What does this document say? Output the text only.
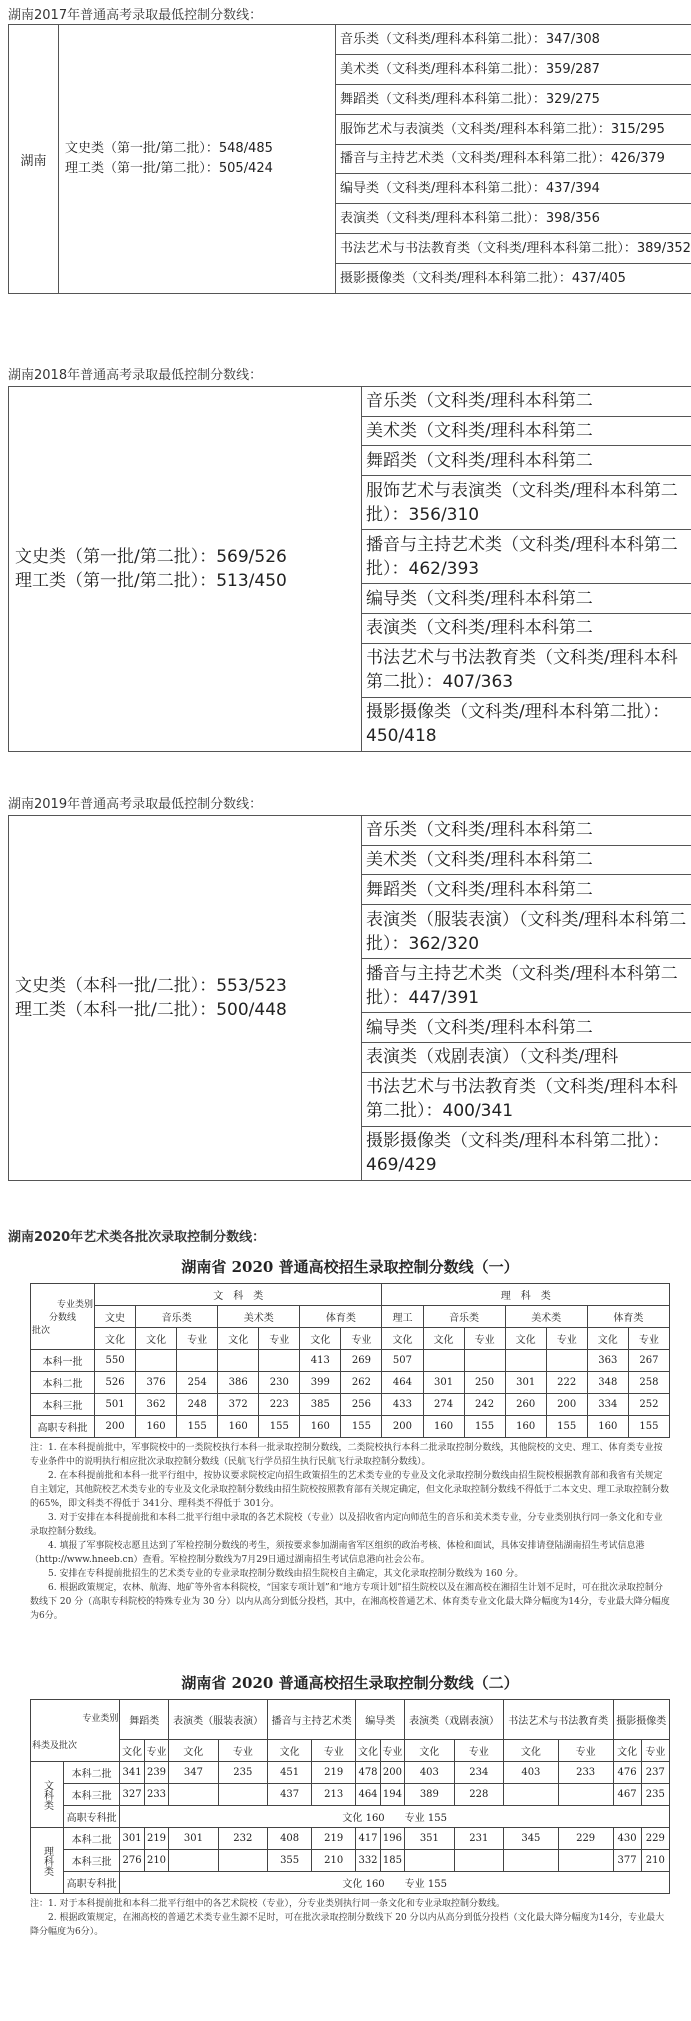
湖南2017年普通高考录取最低控制分数线：
湖南	
文史类（第一批/第二批）：548/485
理工类（第一批/第二批）：505/424
	音乐类（文科类/理科本科第二批）：347/308
美术类（文科类/理科本科第二批）：359/287
舞蹈类（文科类/理科本科第二批）：329/275
服饰艺术与表演类（文科类/理科本科第二批）：315/295
播音与主持艺术类（文科类/理科本科第二批）：426/379
编导类（文科类/理科本科第二批）：437/394
表演类（文科类/理科本科第二批）：398/356
书法艺术与书法教育类（文科类/理科本科第二批）：389/352
摄影摄像类（文科类/理科本科第二批）：437/405
湖南2018年普通高考录取最低控制分数线：
文史类（第一批/第二批）：569/526
理工类（第一批/第二批）：513/450
	音乐类（文科类/理科本科第二
美术类（文科类/理科本科第二
舞蹈类（文科类/理科本科第二
服饰艺术与表演类（文科类/理科本科第二批）：356/310
播音与主持艺术类（文科类/理科本科第二批）：462/393
编导类（文科类/理科本科第二
表演类（文科类/理科本科第二
书法艺术与书法教育类（文科类/理科本科第二批）：407/363
摄影摄像类（文科类/理科本科第二批）：450/418
湖南2019年普通高考录取最低控制分数线：
文史类（本科一批/二批）：553/523
理工类（本科一批/二批）：500/448
	音乐类（文科类/理科本科第二
美术类（文科类/理科本科第二
舞蹈类（文科类/理科本科第二
表演类（服装表演）（文科类/理科本科第二批）：362/320
播音与主持艺术类（文科类/理科本科第二批）：447/391
编导类（文科类/理科本科第二
表演类（戏剧表演）（文科类/理科
书法艺术与书法教育类（文科类/理科本科第二批）：400/341
摄影摄像类（文科类/理科本科第二批）：469/429
湖南2020年艺术类各批次录取控制分数线：
湖南省 2020 普通高校招生录取控制分数线（一）
专业类别
分数线
批次	文　科　类							理　科　类						
	文史	音乐类		美术类		体育类		理工	音乐类		美术类		体育类	
	文化	文化	专业	文化	专业	文化	专业	文化	文化	专业	文化	专业	文化	专业
本科一批	550					413	269	507					363	267
本科二批	526	376	254	386	230	399	262	464	301	250	301	222	348	258
本科三批	501	362	248	372	223	385	256	433	274	242	260	200	334	252
高职专科批	200	160	155	160	155	160	155	200	160	155	160	155	160	155

注：1. 在本科提前批中，军事院校中的一类院校执行本科一批录取控制分数线，二类院校执行本科二批录取控制分数线，其他院校的文史、理工、体育类专业按专业条件中的说明执行相应批次录取控制分数线（民航飞行学员招生执行民航飞行录取控制分数线）。

2. 在本科提前批和本科一批平行组中，按协议要求院校定向招生政策招生的艺术类专业的专业及文化录取控制分数线由招生院校根据教育部和我省有关规定自主划定，其他院校艺术类专业的专业及文化录取控制分数线由招生院校按照教育部有关规定确定，但文化录取控制分数线不得低于二本文史、理工录取控制分数的65%，即文科类不得低于 341分、理科类不得低于 301分。

3. 对于安排在本科提前批和本科二批平行组中录取的各艺术院校（专业）以及招收省内定向师范生的音乐和美术类专业，分专业类别执行同一条文化和专业录取控制分数线。

4. 填报了军事院校志愿且达到了军检控制分数线的考生，须按要求参加湖南省军区组织的政治考核、体检和面试，具体安排请登陆湖南招生考试信息港（http://www.hneeb.cn）查看。军检控制分数线为7月29日通过湖南招生考试信息港向社会公布。

5. 安排在专科提前批招生的艺术类专业的专业录取控制分数线由招生院校自主确定，其文化录取控制分数线为 160 分。

6. 根据政策规定，农林、航海、地矿等外省本科院校，“国家专项计划”和“地方专项计划”招生院校以及在湘高校在湘招生计划不足时，可在批次录取控制分数线下 20 分（高职专科院校的特殊专业为 30 分）以内从高分到低分投档，其中，在湘高校普通艺术、体育类专业文化最大降分幅度为14分，专业最大降分幅度为6分。

湖南省 2020 普通高校招生录取控制分数线（二）
专业类别
科类及批次		舞蹈类		表演类（服装表演）		播音与主持艺术类		编导类		表演类（戏剧表演）		书法艺术与书法教育类		摄影摄像类	
		文化	专业	文化	专业	文化	专业	文化	专业	文化	专业	文化	专业	文化	专业
文科类	本科二批	341	239	347	235	451	219	478	200	403	234	403	233	476	237
	本科三批	327	233			437	213	464	194	389	228			467	235
	高职专科批	文化 160　　专业 155													
理科类	本科二批	301	219	301	232	408	219	417	196	351	231	345	229	430	229
	本科三批	276	210			355	210	332	185					377	210
	高职专科批	文化 160　　专业 155													

注：1. 对于本科提前批和本科二批平行组中的各艺术院校（专业），分专业类别执行同一条文化和专业录取控制分数线。

2. 根据政策规定，在湘高校的普通艺术类专业生源不足时，可在批次录取控制分数线下 20 分以内从高分到低分投档（文化最大降分幅度为14分，专业最大降分幅度为6分）。
